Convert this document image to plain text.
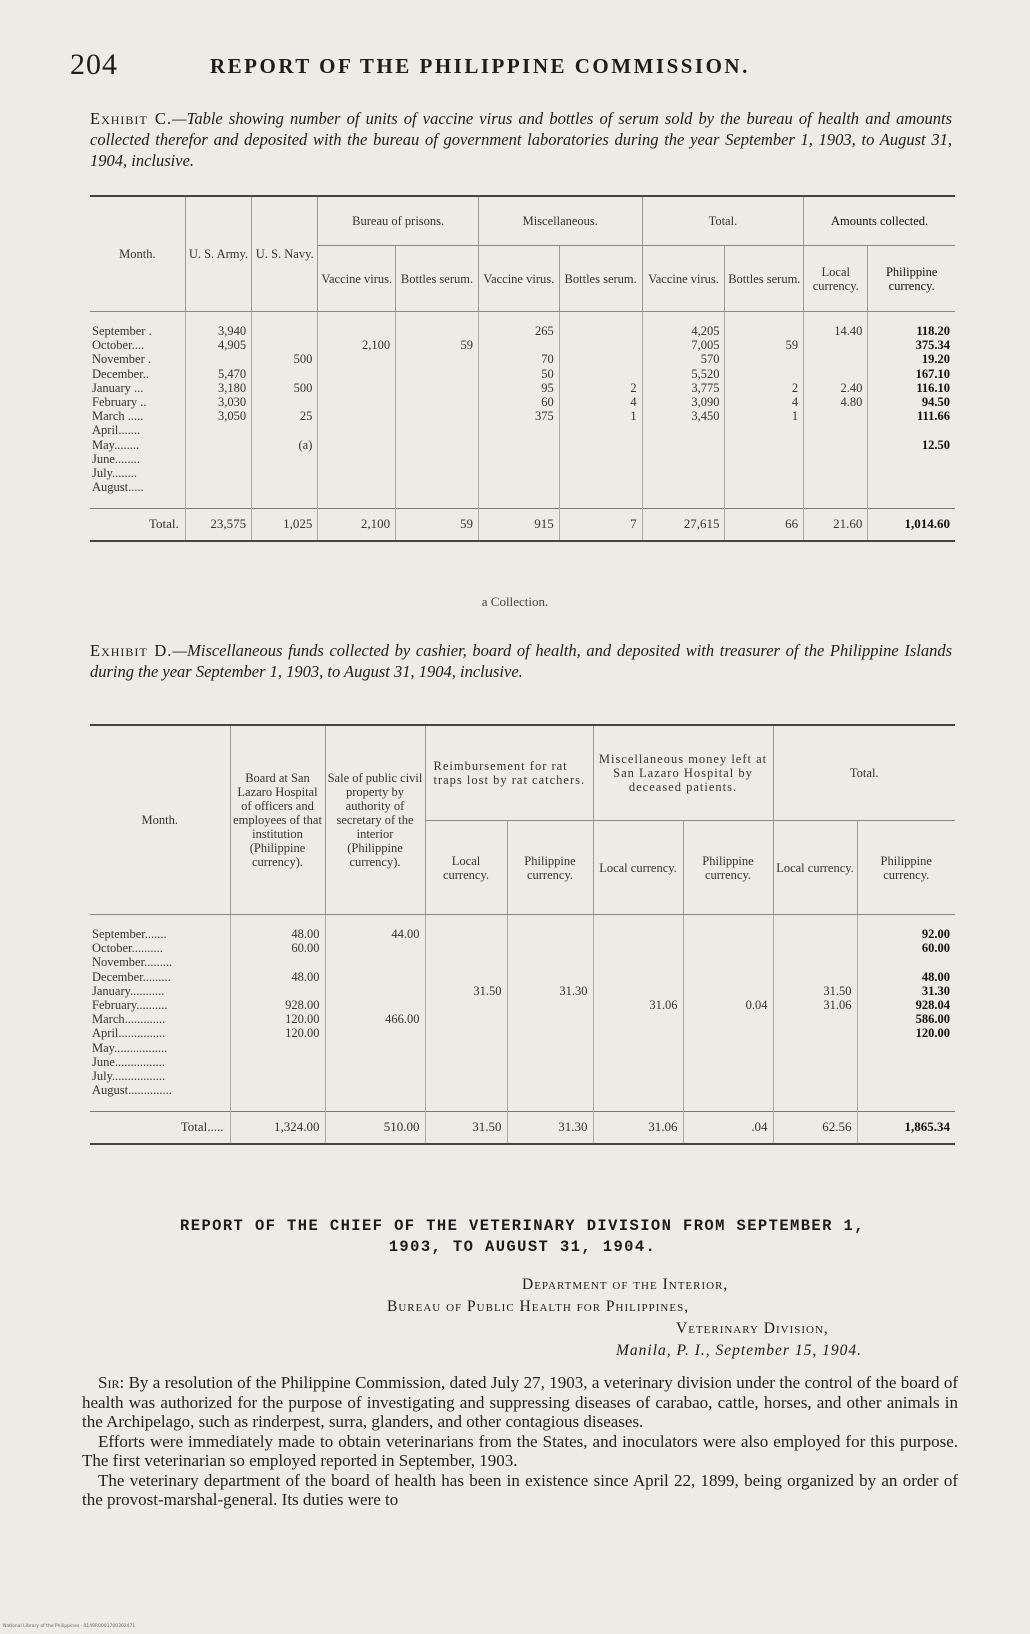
204	REPORT OF THE PHILIPPINE COMMISSION.
Exhibit C.—Table showing number of units of vaccine virus and bottles of serum sold by the bureau of health and amounts collected therefor and deposited with the bureau of government laboratories during the year September 1, 1903, to August 31, 1904, inclusive.
Month.	U. S. Army.	U. S. Navy.	Bureau of prisons.		Miscellaneous.		Total.		Amounts collected.	
			Vaccine virus.	Bottles serum.	Vaccine virus.	Bottles serum.	Vaccine virus.	Bottles serum.	Local currency.	Philippine currency.
September .	3,940				265		4,205		14.40	118.20
October....	4,905		2,100	59			7,005	59		375.34
November .		500			70		570			19.20
December..	5,470				50		5,520			167.10
January ...	3,180	500			95	2	3,775	2	2.40	116.10
February ..	3,030				60	4	3,090	4	4.80	94.50
March .....	3,050	25			375	1	3,450	1		111.66
April.......										
May........		(a)								12.50
June........										
July........										
August.....										
Total.	23,575	1,025	2,100	59	915	7	27,615	66	21.60	1,014.60
a Collection.
Exhibit D.—Miscellaneous funds collected by cashier, board of health, and deposited with treasurer of the Philippine Islands during the year September 1, 1903, to August 31, 1904, inclusive.
Month.	Board at San Lazaro Hospital of officers and employees of that institution (Philippine currency).	Sale of public civil property by authority of secretary of the interior (Philippine currency).	Reimbursement for rat traps lost by rat catchers.		Miscellaneous money left at San Lazaro Hospital by deceased patients.		Total.	
			Local currency.	Philippine currency.	Local currency.	Philippine currency.	Local currency.	Philippine currency.
September.......	48.00	44.00						92.00
October..........	60.00							60.00
November.........								
December.........	48.00							48.00
January...........			31.50	31.30			31.50	31.30
February..........	928.00				31.06	0.04	31.06	928.04
March.............	120.00	466.00						586.00
April...............	120.00							120.00
May.................								
June................								
July.................								
August..............								
Total.....	1,324.00	510.00	31.50	31.30	31.06	.04	62.56	1,865.34
REPORT OF THE CHIEF OF THE VETERINARY DIVISION FROM SEPTEMBER 1,
1903, TO AUGUST 31, 1904.
Department of the Interior,
Bureau of Public Health for Philippines,
Veterinary Division,
Manila, P. I., September 15, 1904.

Sir: By a resolution of the Philippine Commission, dated July 27, 1903, a veterinary division under the control of the board of health was authorized for the purpose of investigating and suppressing diseases of carabao, cattle, horses, and other animals in the Archipelago, such as rinderpest, surra, glanders, and other contagious diseases.

Efforts were immediately made to obtain veterinarians from the States, and inoculators were also employed for this purpose. The first veterinarian so employed reported in September, 1903.

The veterinary department of the board of health has been in existence since April 22, 1899, being organized by an order of the provost-marshal-general. Its duties were to

National Library of the Philippines · 0149R0001700302471
